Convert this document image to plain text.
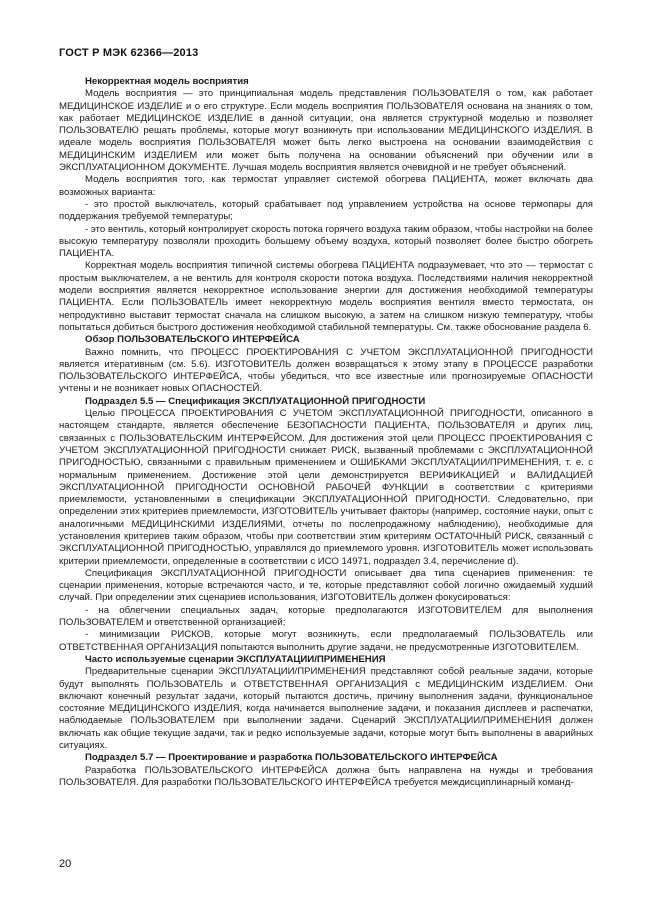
ГОСТ Р МЭК 62366—2013

Некорректная модель восприятия

Модель восприятия — это принципиальная модель представления ПОЛЬЗОВАТЕЛЯ о том, как работает МЕДИЦИНСКОЕ ИЗДЕЛИЕ и о его структуре. Если модель восприятия ПОЛЬЗОВАТЕЛЯ основана на знаниях о том, как работает МЕДИЦИНСКОЕ ИЗДЕЛИЕ в данной ситуации, она является структурной моделью и позволяет ПОЛЬЗОВАТЕЛЮ решать проблемы, которые могут возникнуть при использовании МЕДИЦИНСКОГО ИЗДЕЛИЯ. В идеале модель восприятия ПОЛЬЗОВАТЕЛЯ может быть легко выстроена на основании взаимодействия с МЕДИЦИНСКИМ ИЗДЕЛИЕМ или может быть получена на основании объяснений при обучении или в ЭКСПЛУАТАЦИОННОМ ДОКУМЕНТЕ. Лучшая модель восприятия является очевидной и не требует объяснений.

Модель восприятия того, как термостат управляет системой обогрева ПАЦИЕНТА, может включать два возможных варианта:

- это простой выключатель, который срабатывает под управлением устройства на основе термопары для поддержания требуемой температуры;

- это вентиль, который контролирует скорость потока горячего воздуха таким образом, чтобы настройки на более высокую температуру позволяли проходить большему объему воздуха, который позволяет более быстро обогреть ПАЦИЕНТА.

Корректная модель восприятия типичной системы обогрева ПАЦИЕНТА подразумевает, что это — термостат с простым выключателем, а не вентиль для контроля скорости потока воздуха. Последствиями наличия некорректной модели восприятия является некорректное использование энергии для достижения необходимой температуры ПАЦИЕНТА. Если ПОЛЬЗОВАТЕЛЬ имеет некорректную модель восприятия вентиля вместо термостата, он непродуктивно выставит термостат сначала на слишком высокую, а затем на слишком низкую температуру, чтобы попытаться добиться быстрого достижения необходимой стабильной температуры. См. также обоснование раздела 6.

Обзор ПОЛЬЗОВАТЕЛЬСКОГО ИНТЕРФЕЙСА

Важно помнить, что ПРОЦЕСС ПРОЕКТИРОВАНИЯ С УЧЕТОМ ЭКСПЛУАТАЦИОННОЙ ПРИГОДНОСТИ является итеративным (см. 5.6). ИЗГОТОВИТЕЛЬ должен возвращаться к этому этапу в ПРОЦЕССЕ разработки ПОЛЬЗОВАТЕЛЬСКОГО ИНТЕРФЕЙСА, чтобы убедиться, что все известные или прогнозируемые ОПАСНОСТИ учтены и не возникает новых ОПАСНОСТЕЙ.

Подраздел 5.5 — Спецификация ЭКСПЛУАТАЦИОННОЙ ПРИГОДНОСТИ

Целью ПРОЦЕССА ПРОЕКТИРОВАНИЯ С УЧЕТОМ ЭКСПЛУАТАЦИОННОЙ ПРИГОДНОСТИ, описанного в настоящем стандарте, является обеспечение БЕЗОПАСНОСТИ ПАЦИЕНТА, ПОЛЬЗОВАТЕЛЯ и других лиц, связанных с ПОЛЬЗОВАТЕЛЬСКИМ ИНТЕРФЕЙСОМ. Для достижения этой цели ПРОЦЕСС ПРОЕКТИРОВАНИЯ С УЧЕТОМ ЭКСПЛУАТАЦИОННОЙ ПРИГОДНОСТИ снижает РИСК, вызванный проблемами с ЭКСПЛУАТАЦИОННОЙ ПРИГОДНОСТЬЮ, связанными с правильным применением и ОШИБКАМИ ЭКСПЛУАТАЦИИ/ПРИМЕНЕНИЯ, т. е. с нормальным применением. Достижение этой цели демонстрируется ВЕРИФИКАЦИЕЙ и ВАЛИДАЦИЕЙ ЭКСПЛУАТАЦИОННОЙ ПРИГОДНОСТИ ОСНОВНОЙ РАБОЧЕЙ ФУНКЦИИ в соответствии с критериями приемлемости, установленными в спецификации ЭКСПЛУАТАЦИОННОЙ ПРИГОДНОСТИ. Следовательно, при определении этих критериев приемлемости, ИЗГОТОВИТЕЛЬ учитывает факторы (например, состояние науки, опыт с аналогичными МЕДИЦИНСКИМИ ИЗДЕЛИЯМИ, отчеты по послепродажному наблюдению), необходимые для установления критериев таким образом, чтобы при соответствии этим критериям ОСТАТОЧНЫЙ РИСК, связанный с ЭКСПЛУАТАЦИОННОЙ ПРИГОДНОСТЬЮ, управлялся до приемлемого уровня. ИЗГОТОВИТЕЛЬ может использовать критерии приемлемости, определенные в соответствии с ИСО 14971, подраздел 3.4, перечисление d).

Спецификация ЭКСПЛУАТАЦИОННОЙ ПРИГОДНОСТИ описывает два типа сценариев применения: те сценарии применения, которые встречаются часто, и те, которые представляют собой логично ожидаемый худший случай. При определении этих сценариев использования, ИЗГОТОВИТЕЛЬ должен фокусироваться:

- на облегчении специальных задач, которые предполагаются ИЗГОТОВИТЕЛЕМ для выполнения ПОЛЬЗОВАТЕЛЕМ и ответственной организацией;

- минимизации РИСКОВ, которые могут возникнуть, если предполагаемый ПОЛЬЗОВАТЕЛЬ или ОТВЕТСТВЕННАЯ ОРГАНИЗАЦИЯ попытаются выполнить другие задачи, не предусмотренные ИЗГОТОВИТЕЛЕМ.

Часто используемые сценарии ЭКСПЛУАТАЦИИ/ПРИМЕНЕНИЯ

Предварительные сценарии ЭКСПЛУАТАЦИИ/ПРИМЕНЕНИЯ представляют собой реальные задачи, которые будут выполнять ПОЛЬЗОВАТЕЛЬ и ОТВЕТСТВЕННАЯ ОРГАНИЗАЦИЯ с МЕДИЦИНСКИМ ИЗДЕЛИЕМ. Они включают конечный результат задачи, который пытаются достичь, причину выполнения задачи, функциональное состояние МЕДИЦИНСКОГО ИЗДЕЛИЯ, когда начинается выполнение задачи, и показания дисплеев и распечатки, наблюдаемые ПОЛЬЗОВАТЕЛЕМ при выполнении задачи. Сценарий ЭКСПЛУАТАЦИИ/ПРИМЕНЕНИЯ должен включать как общие текущие задачи, так и редко используемые задачи, которые могут быть выполнены в аварийных ситуациях.

Подраздел 5.7 — Проектирование и разработка ПОЛЬЗОВАТЕЛЬСКОГО ИНТЕРФЕЙСА

Разработка ПОЛЬЗОВАТЕЛЬСКОГО ИНТЕРФЕЙСА должна быть направлена на нужды и требования ПОЛЬЗОВАТЕЛЯ. Для разработки ПОЛЬЗОВАТЕЛЬСКОГО ИНТЕРФЕЙСА требуется междисциплинарный команд-

20
